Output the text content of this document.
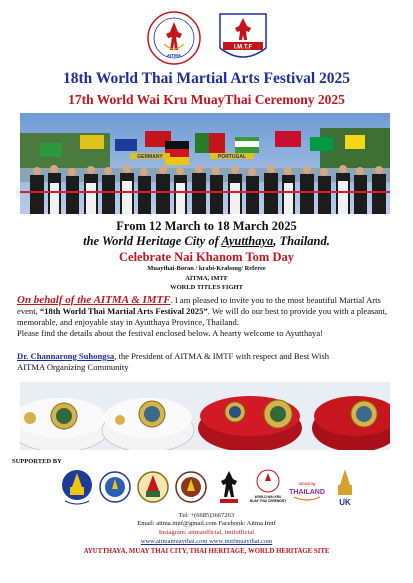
AITMA
I.M.T.F
18th World Thai Martial Arts Festival 2025
17th World Wai Kru MuayThai Ceremony 2025
GERMANY	PORTUGAL
From 12 March to 18 March 2025
the World Heritage City of Ayutthaya, Thailand.
Celebrate Nai Khanom Tom Day
Muaythai-Boran / krabi-Krabong/ Referee
AITMA, IMTF
WORLD TITLES FIGHT
On behalf of the AITMA & IMTF. I am pleased to invite you to the most beautiful Martial Arts event, “18th World Thai Martial Arts Festival 2025”. We will do our best to provide you with a pleasant, memorable, and enjoyable stay in Ayutthaya Province, Thailand.
Please find the details about the festival enclosed below. A hearty welcome to Ayutthaya!
Dr. Channarong Suhongsa, the President of AITMA & IMTF with respect and Best Wish
AITMA Organizing Community
SUPPORTED BY
WORLD WAI KRU
MUAY THAI CEREMONY
amazing
THAILAND
UK
Tel: +(6685)3667263
Email: aitma.imtf@gmail.com Facebook: Aitma Imtf
Instagram: aitmaofficial, imtfofficial
www.aitmamuaythai.com www.imtfmuaythai.com
AYUTTHAYA, MUAY THAI CITY, THAI HERITAGE, WORLD HERITAGE SITE
